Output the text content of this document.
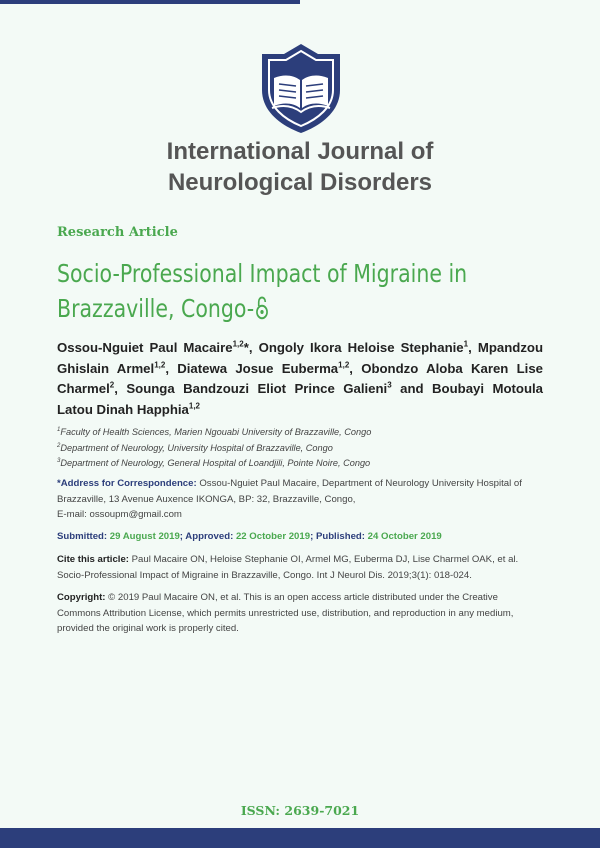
International Journal of
Neurological Disorders
Research Article
Socio-Professional Impact of Migraine in
Brazzaville, Congo-
Ossou-Nguiet Paul Macaire$^{1,2}$*, Ongoly Ikora Heloise Stephanie$^1$, Mpandzou Ghislain Armel$^{1,2}$, Diatewa Josue Euberma$^{1,2}$, Obondzo Aloba Karen Lise Charmel$^2$, Sounga Bandzouzi Eliot Prince Galieni$^3$ and Boubayi Motoula Latou Dinah Happhia$^{1,2}$
$^1$Faculty of Health Sciences, Marien Ngouabi University of Brazzaville, Congo
$^2$Department of Neurology, University Hospital of Brazzaville, Congo
$^3$Department of Neurology, General Hospital of Loandjili, Pointe Noire, Congo
*Address for Correspondence: Ossou-Nguiet Paul Macaire, Department of Neurology University Hospital of Brazzaville, 13 Avenue Auxence IKONGA, BP: 32, Brazzaville, Congo,
E-mail: ossoupm@gmail.com
Submitted: 29 August 2019; Approved: 22 October 2019; Published: 24 October 2019
Cite this article: Paul Macaire ON, Heloise Stephanie OI, Armel MG, Euberma DJ, Lise Charmel OAK, et al. Socio-Professional Impact of Migraine in Brazzaville, Congo. Int J Neurol Dis. 2019;3(1): 018-024.
Copyright: © 2019 Paul Macaire ON, et al. This is an open access article distributed under the Creative Commons Attribution License, which permits unrestricted use, distribution, and reproduction in any medium, provided the original work is properly cited.
ISSN: 2639-7021
